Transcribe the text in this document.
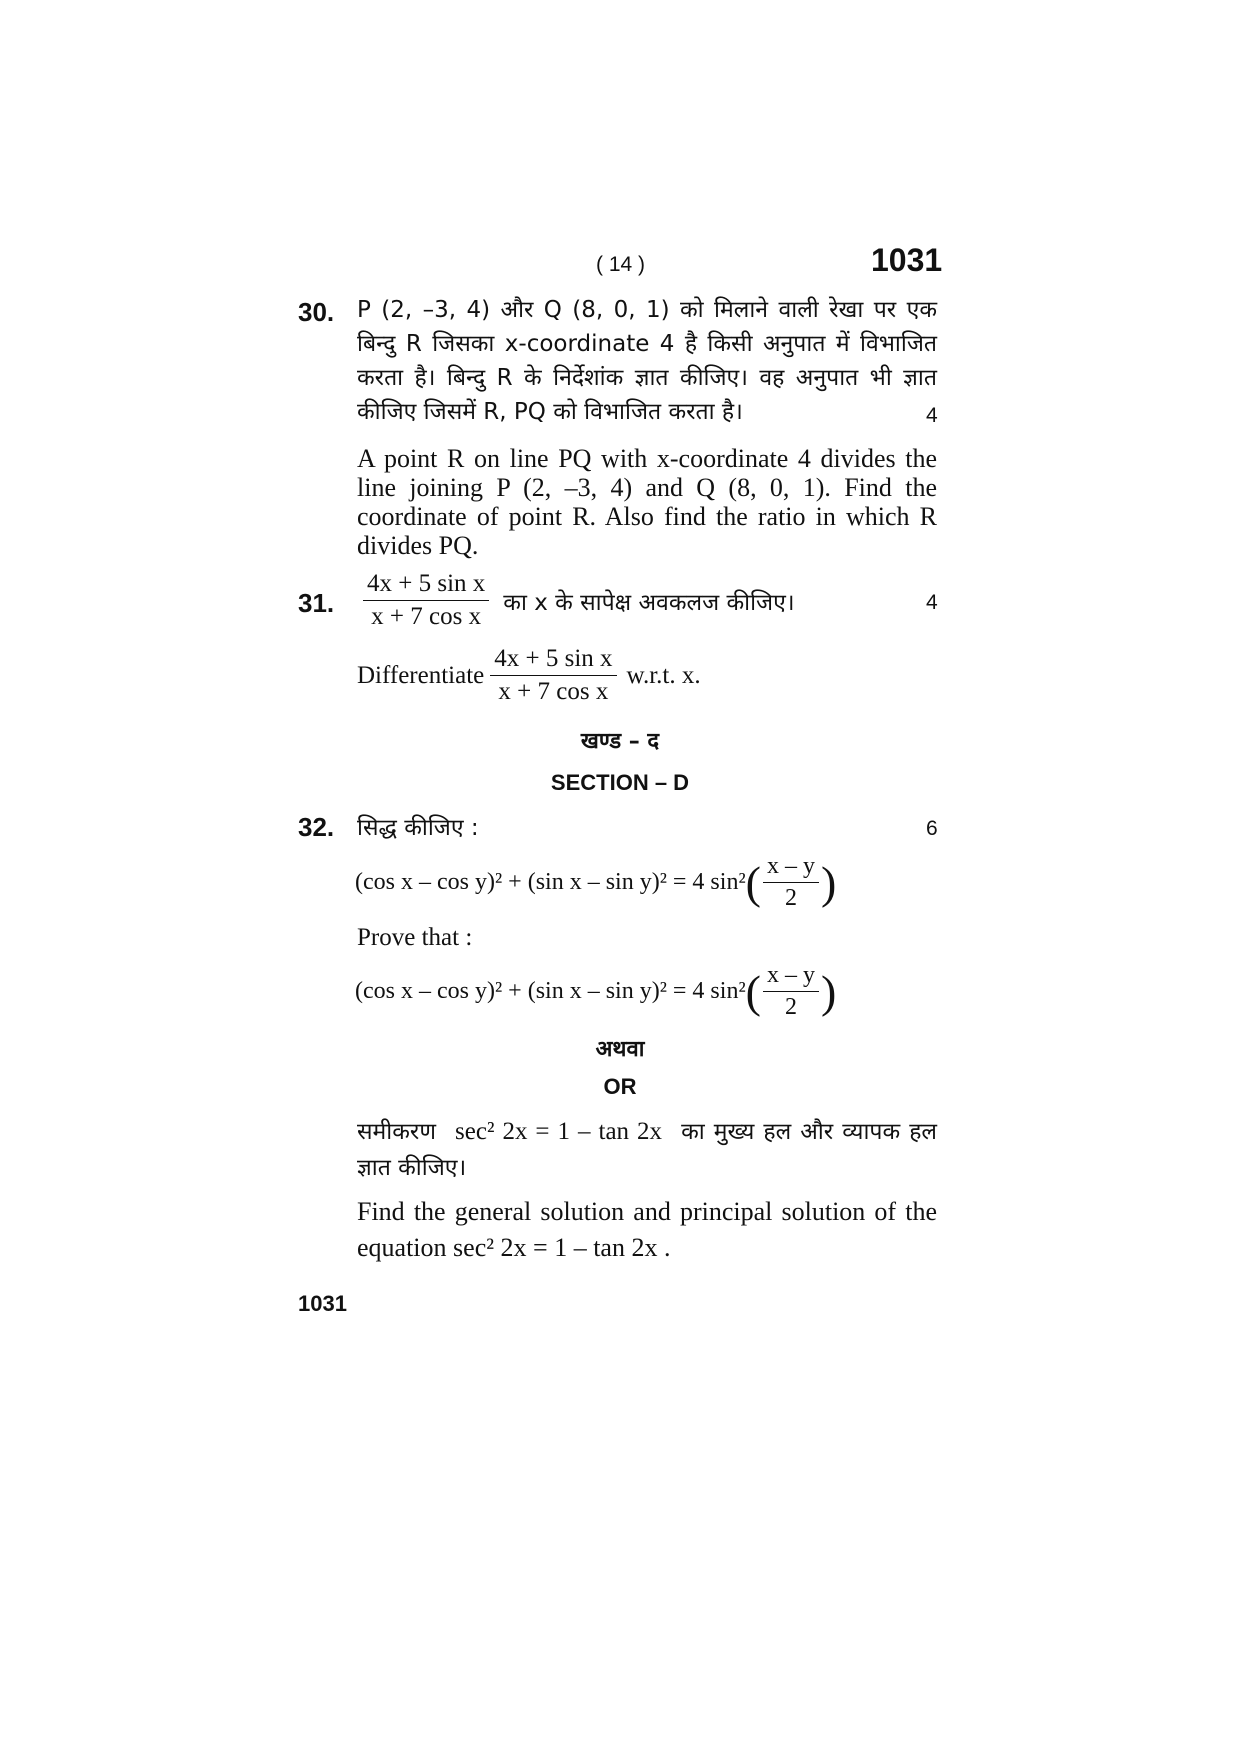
( 14 )	1031
30. P (2, –3, 4) और Q (8, 0, 1) को मिलाने वाली रेखा पर एक बिन्दु R जिसका x-coordinate 4 है किसी अनुपात में विभाजित करता है। बिन्दु R के निर्देशांक ज्ञात कीजिए। वह अनुपात भी ज्ञात कीजिए जिसमें R, PQ को विभाजित करता है।	4
A point R on line PQ with x-coordinate 4 divides the line joining P (2, –3, 4) and Q (8, 0, 1). Find the coordinate of point R. Also find the ratio in which R divides PQ.
31. $\frac{\text{4x + 5 sin x}}{\text{x + 7 cos x}}$ का x के सापेक्ष अवकलज कीजिए।	4
Differentiate $\frac{\text{4x + 5 sin x}}{\text{x + 7 cos x}} w.r.t$. x.
खण्ड – द
SECTION – D
32. सिद्ध कीजिए :	6
(cos x – cos y)² + (sin x – sin y)² = 4 sin² ( $\frac{x - y}{2}$ )
Prove that :
(cos x – cos y)² + (sin x – sin y)² = 4 sin² ( $\frac{x - y}{2}$ )
अथवा
OR
समीकरण sec² 2x = 1 – tan 2x का मुख्य हल और व्यापक हल ज्ञात कीजिए।
Find the general solution and principal solution of the equation sec² 2x = 1 – tan 2x .
1031
